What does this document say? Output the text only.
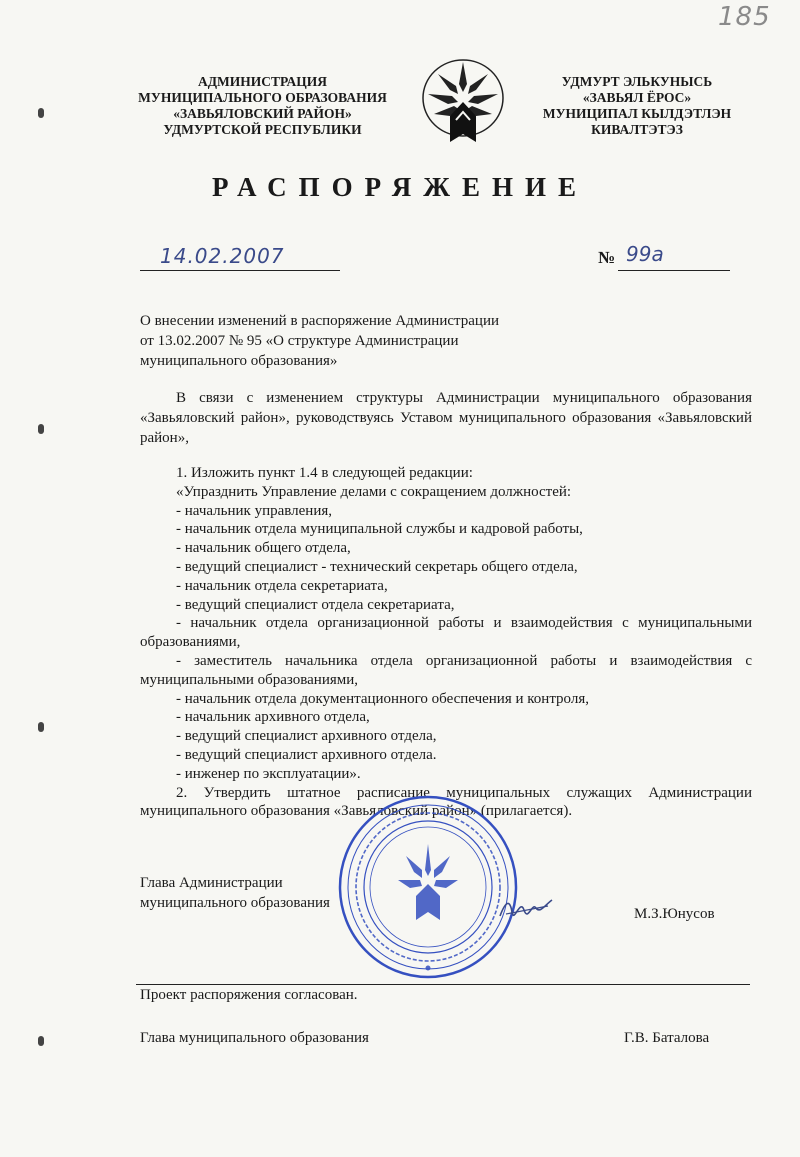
185
АДМИНИСТРАЦИЯ
МУНИЦИПАЛЬНОГО ОБРАЗОВАНИЯ
«ЗАВЬЯЛОВСКИЙ РАЙОН»
УДМУРТСКОЙ РЕСПУБЛИКИ
УДМУРТ ЭЛЬКУНЫСЬ
«ЗАВЬЯЛ ЁРОС»
МУНИЦИПАЛ КЫЛДЭТЛЭН
КИВАЛТЭТЭЗ
РАСПОРЯЖЕНИЕ
14.02.2007	№ 99а
О внесении изменений в распоряжение Администрации
от 13.02.2007 № 95 «О структуре Администрации
муниципального образования»
В связи с изменением структуры Администрации муниципального образования «Завьяловский район», руководствуясь Уставом муниципального образования «Завьяловский район»,
1. Изложить пункт 1.4 в следующей редакции:
«Упразднить Управление делами с сокращением должностей:
- начальник управления,
- начальник отдела муниципальной службы и кадровой работы,
- начальник общего отдела,
- ведущий специалист - технический секретарь общего отдела,
- начальник отдела секретариата,
- ведущий специалист отдела секретариата,
- начальник отдела организационной работы и взаимодействия с муниципальными образованиями,
- заместитель начальника отдела организационной работы и взаимодействия с муниципальными образованиями,
- начальник отдела документационного обеспечения и контроля,
- начальник архивного отдела,
- ведущий специалист архивного отдела,
- ведущий специалист архивного отдела.
- инженер по эксплуатации».
2. Утвердить штатное расписание муниципальных служащих Администрации муниципального образования «Завьяловский район» (прилагается).
Глава Администрации
муниципального образования
М.З.Юнусов
Проект распоряжения согласован.
Глава муниципального образования	Г.В. Баталова
